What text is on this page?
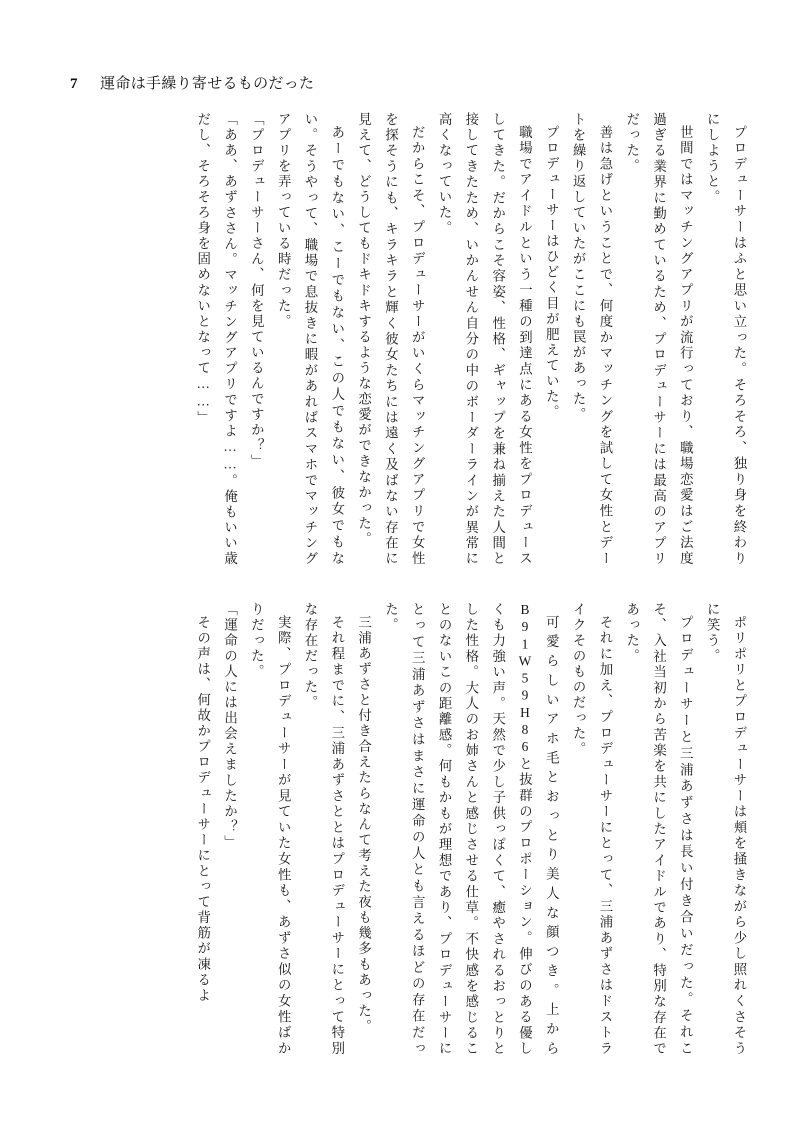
7 運命は手繰り寄せるものだった

プロデューサーはふと思い立った。そろそろ、独り身を終わりにしようと。

世間ではマッチングアプリが流行っており、職場恋愛はご法度過ぎる業界に勤めているため、プロデューサーには最高のアプリだった。

善は急げということで、何度かマッチングを試して女性とデートを繰り返していたがここにも罠があった。

プロデューサーはひどく目が肥えていた。

職場でアイドルという一種の到達点にある女性をプロデュースしてきた。だからこそ容姿、性格、ギャップを兼ね揃えた人間と接してきたため、いかんせん自分の中のボーダーラインが異常に高くなっていた。

だからこそ、プロデューサーがいくらマッチングアプリで女性を探そうにも、キラキラと輝く彼女たちには遠く及ばない存在に見えて、どうしてもドキドキするような恋愛ができなかった。

あーでもない、こーでもない、この人でもない、彼女でもない。そうやって、職場で息抜きに暇があればスマホでマッチングアプリを弄っている時だった。

「プロデューサーさん、何を見ているんですか？」

「ああ、あずささん。マッチングアプリですよ……。俺もいい歳だし、そろそろ身を固めないとなって……」

ポリポリとプロデューサーは頬を掻きながら少し照れくさそうに笑う。

プロデューサーと三浦あずさは長い付き合いだった。それこそ、入社当初から苦楽を共にしたアイドルであり、特別な存在であった。

それに加え、プロデューサーにとって、三浦あずさはドストライクそのものだった。

可愛らしいアホ毛とおっとり美人な顔つき。上からB91W59H86と抜群のプロポーション。伸びのある優しくも力強い声。天然で少し子供っぽくて、癒やされるおっとりとした性格。大人のお姉さんと感じさせる仕草。不快感を感じることのないこの距離感。何もかもが理想であり、プロデューサーにとって三浦あずさはまさに運命の人とも言えるほどの存在だった。

三浦あずさと付き合えたらなんて考えた夜も幾多もあった。

それ程までに、三浦あずさととはプロデューサーにとって特別な存在だった。

実際、プロデューサーが見ていた女性も、あずさ似の女性ばかりだった。

「運命の人には出会えましたか？」

その声は、何故かプロデューサーにとって背筋が凍るよ
